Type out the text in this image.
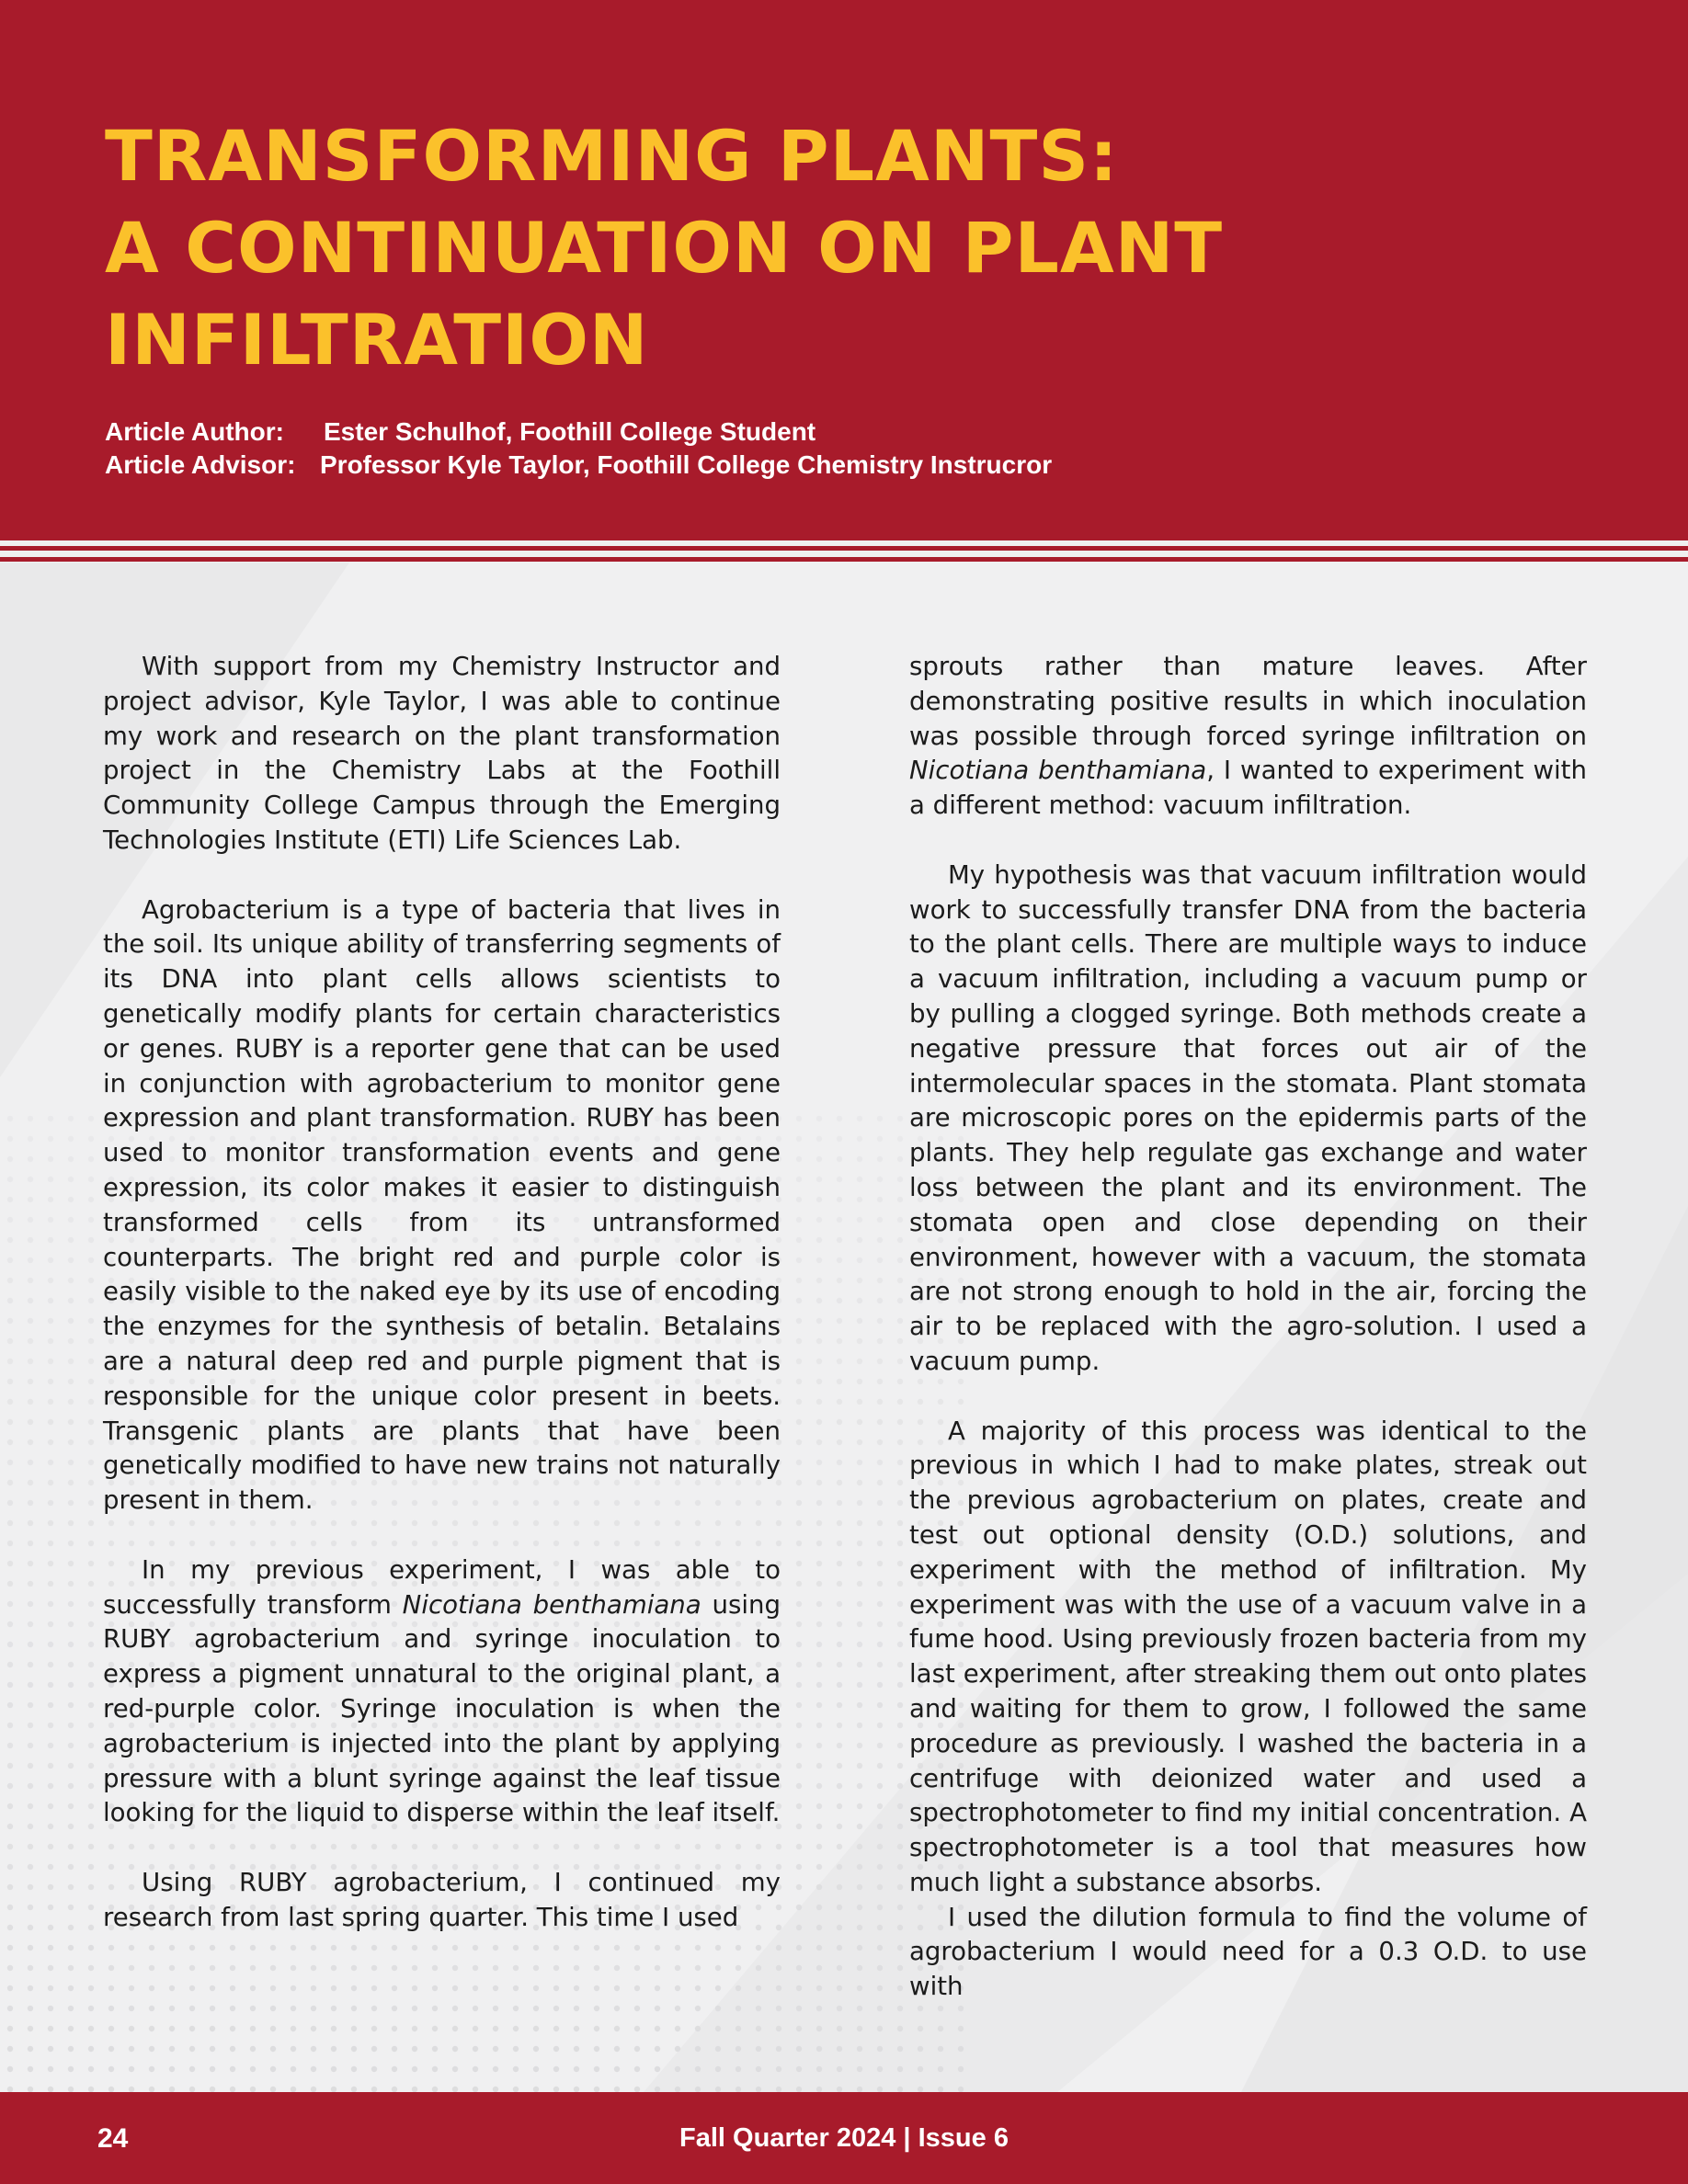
TRANSFORMING PLANTS:
A CONTINUATION ON PLANT
INFILTRATION
Article Author:	Ester Schulhof, Foothill College Student
Article Advisor: Professor Kyle Taylor, Foothill College Chemistry Instrucror

With support from my Chemistry Instructor and project advisor, Kyle Taylor, I was able to continue my work and research on the plant transformation project in the Chemistry Labs at the Foothill Community College Campus through the Emerging Technologies Institute (ETI) Life Sciences Lab.

Agrobacterium is a type of bacteria that lives in the soil. Its unique ability of transferring segments of its DNA into plant cells allows scientists to genetically modify plants for certain characteristics or genes. RUBY is a reporter gene that can be used in conjunction with agrobacterium to monitor gene expression and plant transformation. RUBY has been used to monitor transformation events and gene expression, its color makes it easier to distinguish transformed cells from its untransformed counterparts. The bright red and purple color is easily visible to the naked eye by its use of encoding the enzymes for the synthesis of betalin. Betalains are a natural deep red and purple pigment that is responsible for the unique color present in beets. Transgenic plants are plants that have been genetically modified to have new trains not naturally present in them.

In my previous experiment, I was able to successfully transform Nicotiana benthamiana using RUBY agrobacterium and syringe inoculation to express a pigment unnatural to the original plant, a red-purple color. Syringe inoculation is when the agrobacterium is injected into the plant by applying pressure with a blunt syringe against the leaf tissue looking for the liquid to disperse within the leaf itself.

Using RUBY agrobacterium, I continued my research from last spring quarter. This time I used

sprouts rather than mature leaves. After demonstrating positive results in which inoculation was possible through forced syringe infiltration on Nicotiana benthamiana, I wanted to experiment with a different method: vacuum infiltration.

My hypothesis was that vacuum infiltration would work to successfully transfer DNA from the bacteria to the plant cells. There are multiple ways to induce a vacuum infiltration, including a vacuum pump or by pulling a clogged syringe. Both methods create a negative pressure that forces out air of the intermolecular spaces in the stomata. Plant stomata are microscopic pores on the epidermis parts of the plants. They help regulate gas exchange and water loss between the plant and its environment. The stomata open and close depending on their environment, however with a vacuum, the stomata are not strong enough to hold in the air, forcing the air to be replaced with the agro-solution. I used a vacuum pump.

A majority of this process was identical to the previous in which I had to make plates, streak out the previous agrobacterium on plates, create and test out optional density (O.D.) solutions, and experiment with the method of infiltration. My experiment was with the use of a vacuum valve in a fume hood. Using previously frozen bacteria from my last experiment, after streaking them out onto plates and waiting for them to grow, I followed the same procedure as previously. I washed the bacteria in a centrifuge with deionized water and used a spectrophotometer to find my initial concentration. A spectrophotometer is a tool that measures how much light a substance absorbs.

I used the dilution formula to find the volume of agrobacterium I would need for a 0.3 O.D. to use with

24	Fall Quarter 2024 | Issue 6
